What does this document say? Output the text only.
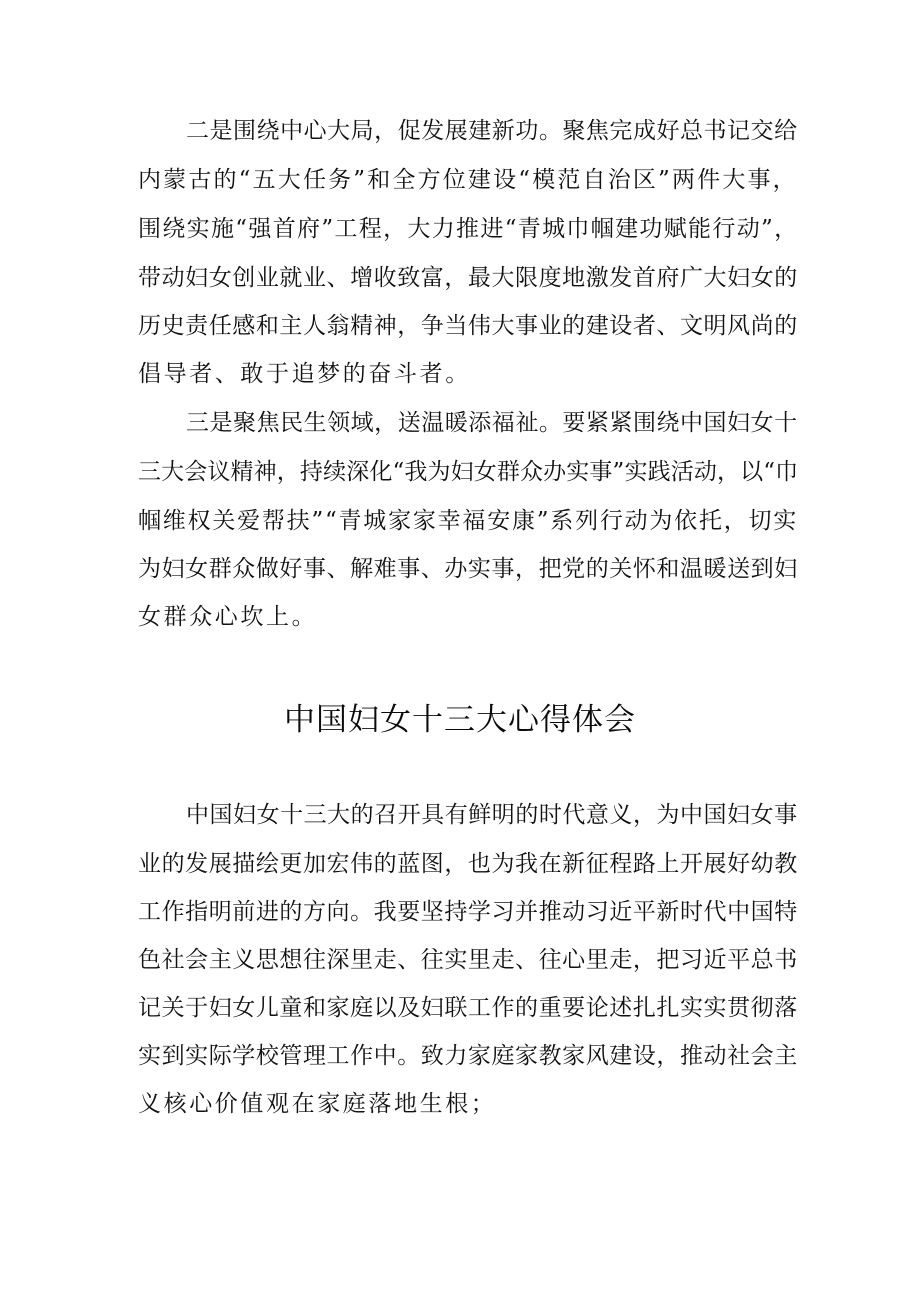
二是围绕中心大局，促发展建新功。聚焦完成好总书记交给
内蒙古的“五大任务”和全方位建设“模范自治区”两件大事，
围绕实施“强首府”工程，大力推进“青城巾帼建功赋能行动”，
带动妇女创业就业、增收致富，最大限度地激发首府广大妇女的
历史责任感和主人翁精神，争当伟大事业的建设者、文明风尚的
倡导者、敢于追梦的奋斗者。
三是聚焦民生领域，送温暖添福祉。要紧紧围绕中国妇女十
三大会议精神，持续深化“我为妇女群众办实事”实践活动，以“巾
帼维权关爱帮扶”“青城家家幸福安康”系列行动为依托，切实
为妇女群众做好事、解难事、办实事，把党的关怀和温暖送到妇
女群众心坎上。
中国妇女十三大心得体会
中国妇女十三大的召开具有鲜明的时代意义，为中国妇女事
业的发展描绘更加宏伟的蓝图，也为我在新征程路上开展好幼教
工作指明前进的方向。我要坚持学习并推动习近平新时代中国特
色社会主义思想往深里走、往实里走、往心里走，把习近平总书
记关于妇女儿童和家庭以及妇联工作的重要论述扎扎实实贯彻落
实到实际学校管理工作中。致力家庭家教家风建设，推动社会主
义核心价值观在家庭落地生根；
